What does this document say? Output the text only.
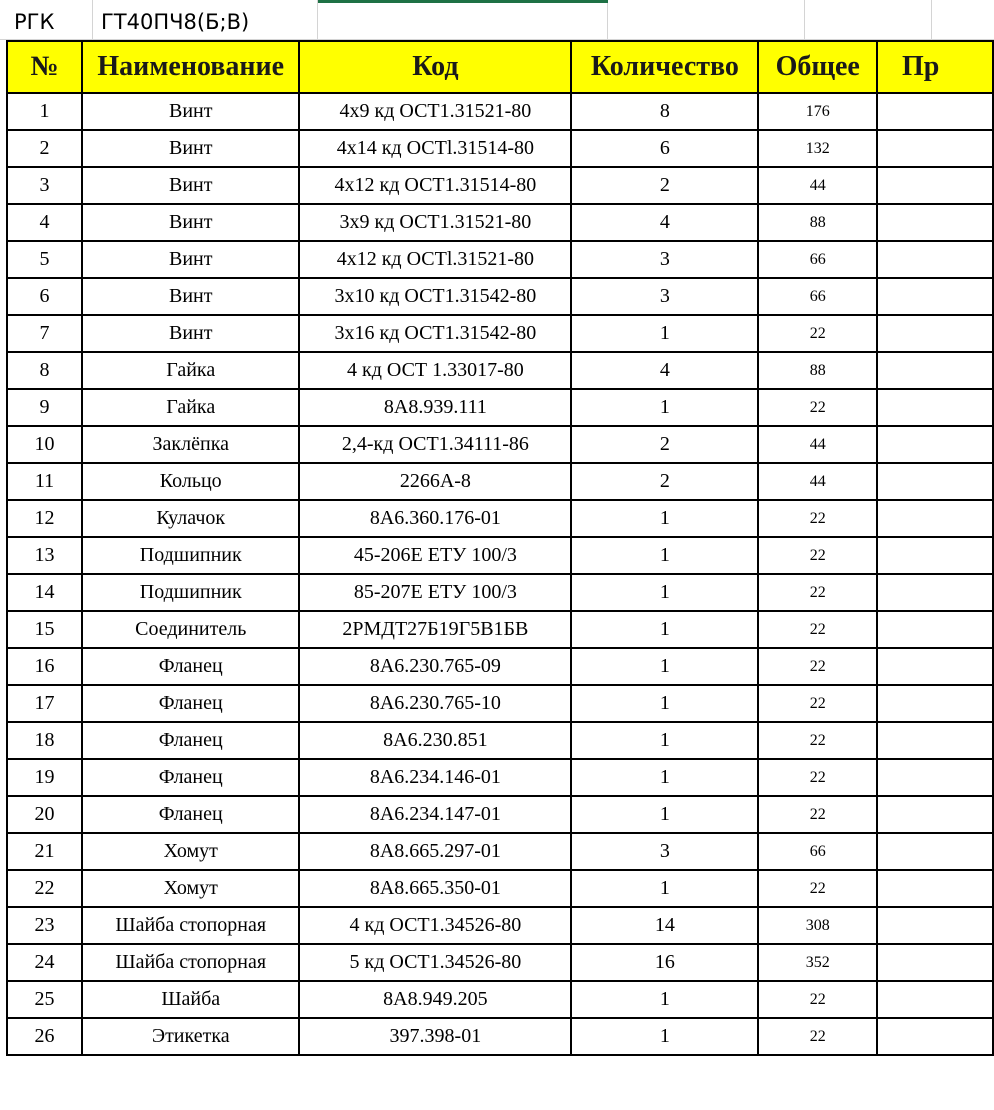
РГК	ГТ40ПЧ8(Б;В)
№	Наименование	Код	Количество	Общее	Пр
1	Винт	4х9 кд ОСТ1.31521-80	8	176	
2	Винт	4х14 кд ОСТl.31514-80	6	132	
3	Винт	4х12 кд ОСТ1.31514-80	2	44	
4	Винт	3х9 кд ОСТ1.31521-80	4	88	
5	Винт	4х12 кд ОСТl.31521-80	3	66	
6	Винт	3х10 кд ОСТ1.31542-80	3	66	
7	Винт	3х16 кд ОСТ1.31542-80	1	22	
8	Гайка	4 кд ОСТ 1.33017-80	4	88	
9	Гайка	8А8.939.111	1	22	
10	Заклёпка	2,4-кд ОСТ1.34111-86	2	44	
11	Кольцо	2266А-8	2	44	
12	Кулачок	8А6.360.176-01	1	22	
13	Подшипник	45-206Е ЕТУ 100/3	1	22	
14	Подшипник	85-207Е ЕТУ 100/3	1	22	
15	Соединитель	2РМДТ27Б19Г5В1БВ	1	22	
16	Фланец	8А6.230.765-09	1	22	
17	Фланец	8А6.230.765-10	1	22	
18	Фланец	8А6.230.851	1	22	
19	Фланец	8А6.234.146-01	1	22	
20	Фланец	8А6.234.147-01	1	22	
21	Хомут	8А8.665.297-01	3	66	
22	Хомут	8А8.665.350-01	1	22	
23	Шайба стопорная	4 кд ОСТ1.34526-80	14	308	
24	Шайба стопорная	5 кд ОСТ1.34526-80	16	352	
25	Шайба	8А8.949.205	1	22	
26	Этикетка	397.398-01	1	22	
